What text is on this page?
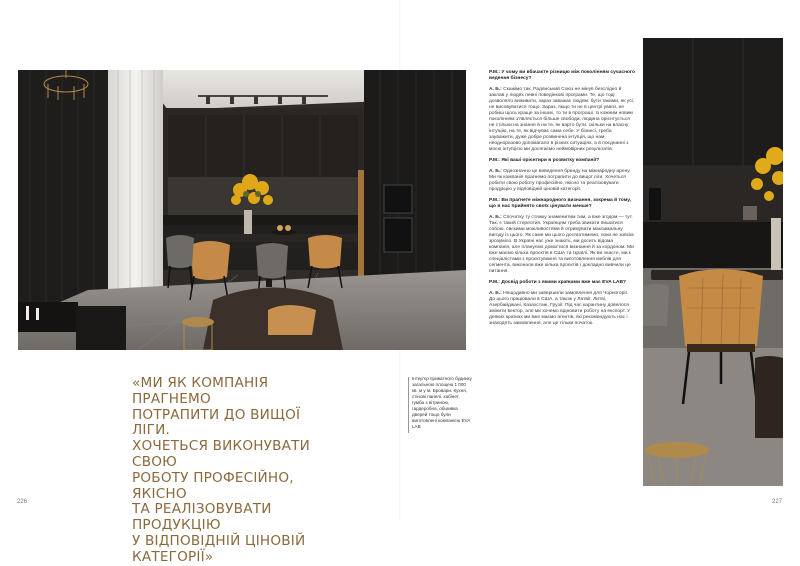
«МИ ЯК КОМПАНІЯ ПРАГНЕМО
ПОТРАПИТИ ДО ВИЩОЇ ЛІГИ.
ХОЧЕТЬСЯ ВИКОНУВАТИ СВОЮ
РОБОТУ ПРОФЕСІЙНО, ЯКІСНО
ТА РЕАЛІЗОВУВАТИ ПРОДУКЦІЮ
У ВІДПОВІДНІЙ ЦІНОВІЙ
КАТЕГОРІЇ»
Інтер'єр приватного будинку загальною площею 1 000 кв. м у м. Бровари. Кухня, стінові панелі, кабінет, гумба з вітриною, гардеробна, обшивка дверей тощо були виготовлені компанією EVA LAB

P.M.: У чому ви вбачаєте різницю між поколінням сучасного ведення бізнесу?

А. Б.: Скажімо так, Радянський Союз не мінув безслідно й заклав у людях певні поведінкові програми. Те, що тоді дозволяло виживати, зараз заважає людям: бути такими, як усі, не висовуватися тощо. Зараз, якщо ти не в центрі уваги, не робиш щось краще за інших, то ти в програші. Із кожним новим поколінням з'являється більше свободи, людина орієнтується не стільки на знання й на те, як варто бути, скільки на власну інтуїцію, на те, як відчуває сама себе. У бізнесі, треба зауважити, дуже добре розвинена інтуїція, що нам неодноразово допомагало в різних ситуаціях, а в поєднанні з моєю інтуїцією ми досягаємо неймовірних результатів.

P.M.: Які ваші орієнтири в розвитку компанії?

А. Б.: Однозначно це виведення бренду на міжнародну арену. Ми як компанія прагнемо потрапити до вищої ліги. Хочеться робити свою роботу професійно, якісно та реалізовувати продукцію у відповідній ціновій категорії.

P.M.: Ви прагнете міжнародного визнання, зокрема й тому, що в нас прийнято своїх цінувати менше?

А. Б.: Спочатку ту стяжку знаменитим тим, а вже згодом — тут. Так, є такий стереотип. Українцям треба звикати пишатися собою, свєкими можливостями й отримувати максимальну вигоду із цього. Як саме ми цього досягатимемо, поки не зовсім зрозуміло. В Україні нас уже знають, ми досить відома компанія, але плануємо домогтися визнання й за кордоном. Ми вже маємо кілька проєктів в США та Ізраїлі. Як ви знаєте, ми є спеціалістами з проєктування та виготовлення меблів для сегмента, виконали вже кілька проєктів і докладно вивчили це питання.

P.M.: Досвід роботи з якими країнами вже має EVA LAB?

А. Б.: Нещодавно ми завершили замовлення для Чорногорії. До цього працювали в США, а також у Латвії, Литві, Азербайджані, Казахстані, Грузії. Під час карантину довелося змінити вектор, але ми хочемо відновити роботу на експорт. У деяких країнах ми вже маємо агентів, які рекомендують нас і знаходять замовлення, але це тільки початок.

226	227
